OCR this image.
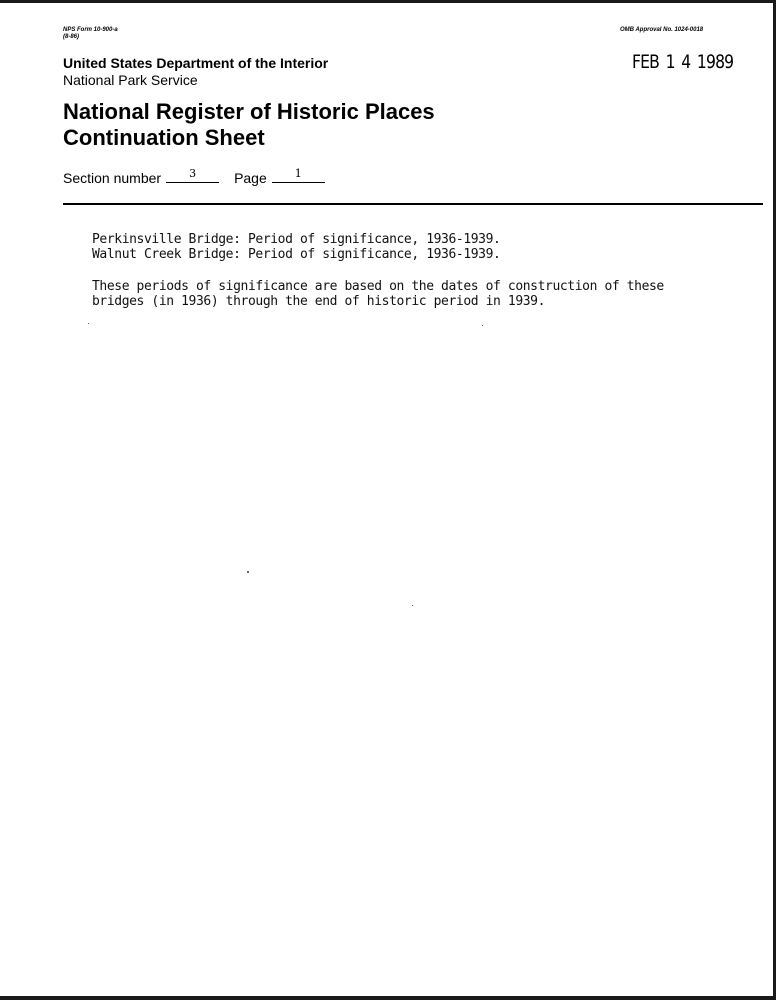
NPS Form 10-900-a
(8-86)
OMB Approval No. 1024-0018
FEB 1 4 1989
United States Department of the Interior
National Park Service
National Register of Historic Places
Continuation Sheet
Section number	3	Page	1
Perkinsville Bridge: Period of significance, 1936-1939.
Walnut Creek Bridge: Period of significance, 1936-1939.
These periods of significance are based on the dates of construction of these
bridges (in 1936) through the end of historic period in 1939.
